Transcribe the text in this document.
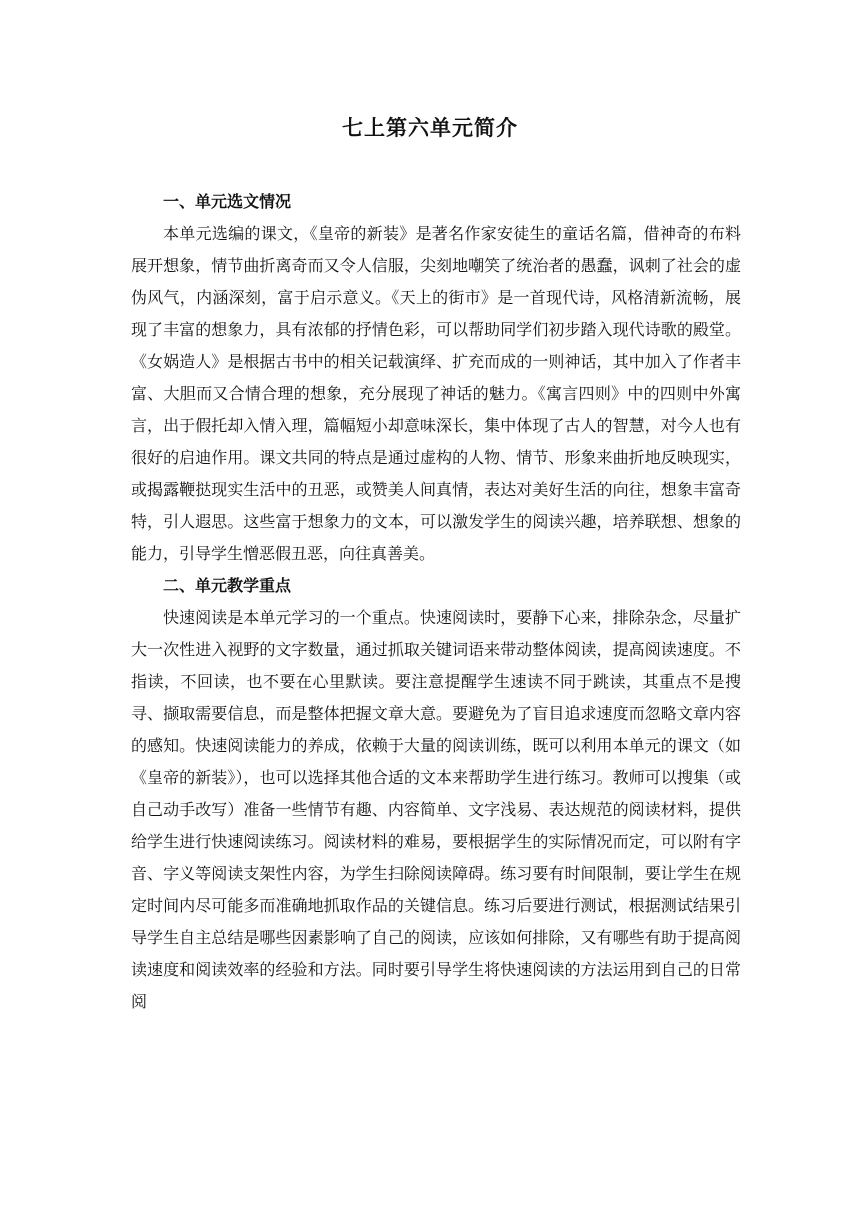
七上第六单元简介
一、单元选文情况

本单元选编的课文，《皇帝的新装》是著名作家安徒生的童话名篇，借神奇的布料展开想象，情节曲折离奇而又令人信服，尖刻地嘲笑了统治者的愚蠢，讽刺了社会的虚伪风气，内涵深刻，富于启示意义。《天上的街市》是一首现代诗，风格清新流畅，展现了丰富的想象力，具有浓郁的抒情色彩，可以帮助同学们初步踏入现代诗歌的殿堂。《女娲造人》是根据古书中的相关记载演绎、扩充而成的一则神话，其中加入了作者丰富、大胆而又合情合理的想象，充分展现了神话的魅力。《寓言四则》中的四则中外寓言，出于假托却入情入理，篇幅短小却意味深长，集中体现了古人的智慧，对今人也有很好的启迪作用。课文共同的特点是通过虚构的人物、情节、形象来曲折地反映现实，或揭露鞭挞现实生活中的丑恶，或赞美人间真情，表达对美好生活的向往，想象丰富奇特，引人遐思。这些富于想象力的文本，可以激发学生的阅读兴趣，培养联想、想象的能力，引导学生憎恶假丑恶，向往真善美。

二、单元教学重点

快速阅读是本单元学习的一个重点。快速阅读时，要静下心来，排除杂念，尽量扩大一次性进入视野的文字数量，通过抓取关键词语来带动整体阅读，提高阅读速度。不指读，不回读，也不要在心里默读。要注意提醒学生速读不同于跳读，其重点不是搜寻、撷取需要信息，而是整体把握文章大意。要避免为了盲目追求速度而忽略文章内容的感知。快速阅读能力的养成，依赖于大量的阅读训练，既可以利用本单元的课文（如《皇帝的新装》），也可以选择其他合适的文本来帮助学生进行练习。教师可以搜集（或自己动手改写）准备一些情节有趣、内容简单、文字浅易、表达规范的阅读材料，提供给学生进行快速阅读练习。阅读材料的难易，要根据学生的实际情况而定，可以附有字音、字义等阅读支架性内容，为学生扫除阅读障碍。练习要有时间限制，要让学生在规定时间内尽可能多而准确地抓取作品的关键信息。练习后要进行测试，根据测试结果引导学生自主总结是哪些因素影响了自己的阅读，应该如何排除，又有哪些有助于提高阅读速度和阅读效率的经验和方法。同时要引导学生将快速阅读的方法运用到自己的日常阅
